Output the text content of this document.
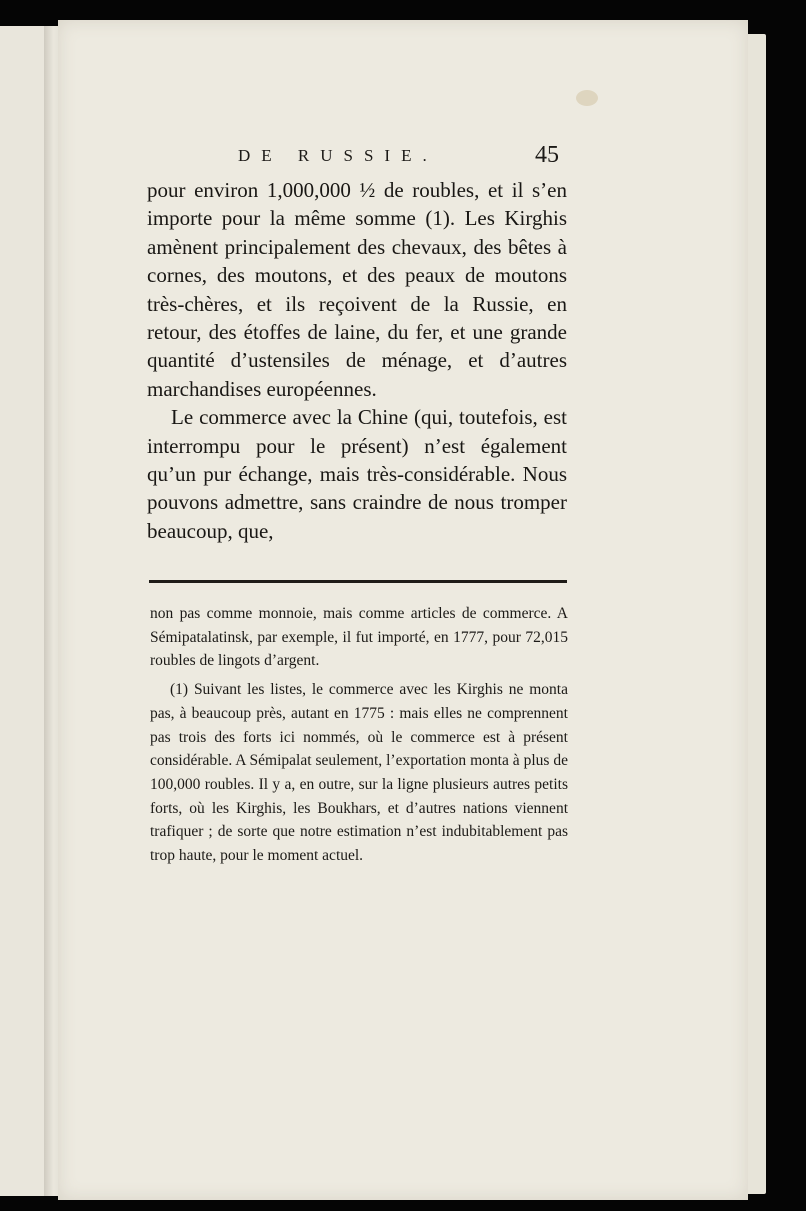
DE RUSSIE.	45

pour environ 1,000,000 ½ de roubles, et il s’en importe pour la même somme (1). Les Kirghis amènent principalement des chevaux, des bêtes à cornes, des moutons, et des peaux de moutons très-chères, et ils reçoivent de la Russie, en retour, des étoffes de laine, du fer, et une grande quantité d’ustensiles de ménage, et d’autres marchandises européennes.

Le commerce avec la Chine (qui, toutefois, est interrompu pour le présent) n’est également qu’un pur échange, mais très-considérable. Nous pouvons admettre, sans craindre de nous tromper beaucoup, que,

non pas comme monnoie, mais comme articles de commerce. A Sémipatalatinsk, par exemple, il fut importé, en 1777, pour 72,015 roubles de lingots d’argent.

(1) Suivant les listes, le commerce avec les Kirghis ne monta pas, à beaucoup près, autant en 1775 : mais elles ne comprennent pas trois des forts ici nommés, où le commerce est à présent considérable. A Sémipalat seulement, l’exportation monta à plus de 100,000 roubles. Il y a, en outre, sur la ligne plusieurs autres petits forts, où les Kirghis, les Boukhars, et d’autres nations viennent trafiquer ; de sorte que notre estimation n’est indubitablement pas trop haute, pour le moment actuel.
